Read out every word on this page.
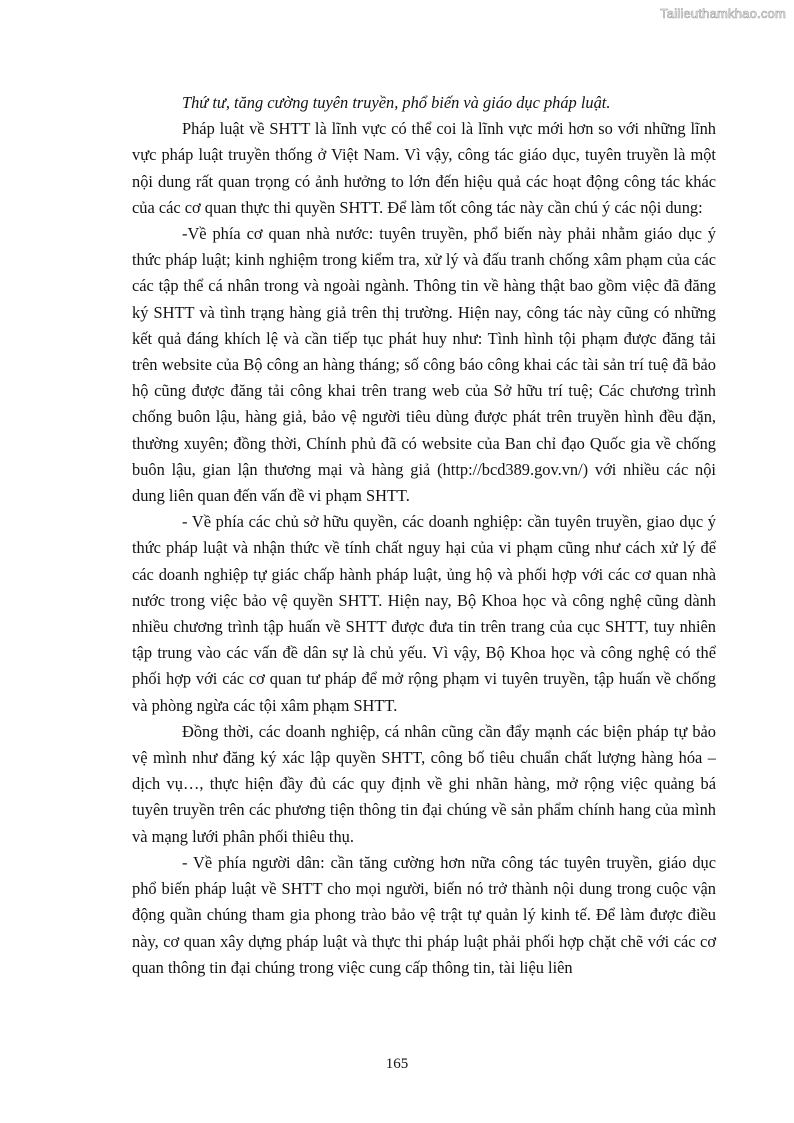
Tailieuthamkhao.com

Thứ tư, tăng cường tuyên truyền, phổ biến và giáo dục pháp luật.

Pháp luật về SHTT là lĩnh vực có thể coi là lĩnh vực mới hơn so với những lĩnh vực pháp luật truyền thống ở Việt Nam. Vì vậy, công tác giáo dục, tuyên truyền là một nội dung rất quan trọng có ảnh hưởng to lớn đến hiệu quả các hoạt động công tác khác của các cơ quan thực thi quyền SHTT. Để làm tốt công tác này cần chú ý các nội dung:

-Về phía cơ quan nhà nước: tuyên truyền, phổ biến này phải nhằm giáo dục ý thức pháp luật; kinh nghiệm trong kiểm tra, xử lý và đấu tranh chống xâm phạm của các các tập thể cá nhân trong và ngoài ngành. Thông tin về hàng thật bao gồm việc đã đăng ký SHTT và tình trạng hàng giả trên thị trường. Hiện nay, công tác này cũng có những kết quả đáng khích lệ và cần tiếp tục phát huy như: Tình hình tội phạm được đăng tải trên website của Bộ công an hàng tháng; số công báo công khai các tài sản trí tuệ đã bảo hộ cũng được đăng tải công khai trên trang web của Sở hữu trí tuệ; Các chương trình chống buôn lậu, hàng giả, bảo vệ người tiêu dùng được phát trên truyền hình đều đặn, thường xuyên; đồng thời, Chính phủ đã có website của Ban chỉ đạo Quốc gia về chống buôn lậu, gian lận thương mại và hàng giả (http://bcd389.gov.vn/) với nhiều các nội dung liên quan đến vấn đề vi phạm SHTT.

- Về phía các chủ sở hữu quyền, các doanh nghiệp: cần tuyên truyền, giao dục ý thức pháp luật và nhận thức về tính chất nguy hại của vi phạm cũng như cách xử lý để các doanh nghiệp tự giác chấp hành pháp luật, ủng hộ và phối hợp với các cơ quan nhà nước trong việc bảo vệ quyền SHTT. Hiện nay, Bộ Khoa học và công nghệ cũng dành nhiều chương trình tập huấn về SHTT được đưa tin trên trang của cục SHTT, tuy nhiên tập trung vào các vấn đề dân sự là chủ yếu. Vì vậy, Bộ Khoa học và công nghệ có thể phối hợp với các cơ quan tư pháp để mở rộng phạm vi tuyên truyền, tập huấn về chống và phòng ngừa các tội xâm phạm SHTT.

Đồng thời, các doanh nghiệp, cá nhân cũng cần đẩy mạnh các biện pháp tự bảo vệ mình như đăng ký xác lập quyền SHTT, công bố tiêu chuẩn chất lượng hàng hóa – dịch vụ…, thực hiện đầy đủ các quy định về ghi nhãn hàng, mở rộng việc quảng bá tuyên truyền trên các phương tiện thông tin đại chúng về sản phẩm chính hang của mình và mạng lưới phân phối thiêu thụ.

- Về phía người dân: cần tăng cường hơn nữa công tác tuyên truyền, giáo dục phổ biến pháp luật về SHTT cho mọi người, biến nó trở thành nội dung trong cuộc vận động quần chúng tham gia phong trào bảo vệ trật tự quản lý kinh tế. Để làm được điều này, cơ quan xây dựng pháp luật và thực thi pháp luật phải phối hợp chặt chẽ với các cơ quan thông tin đại chúng trong việc cung cấp thông tin, tài liệu liên

165
